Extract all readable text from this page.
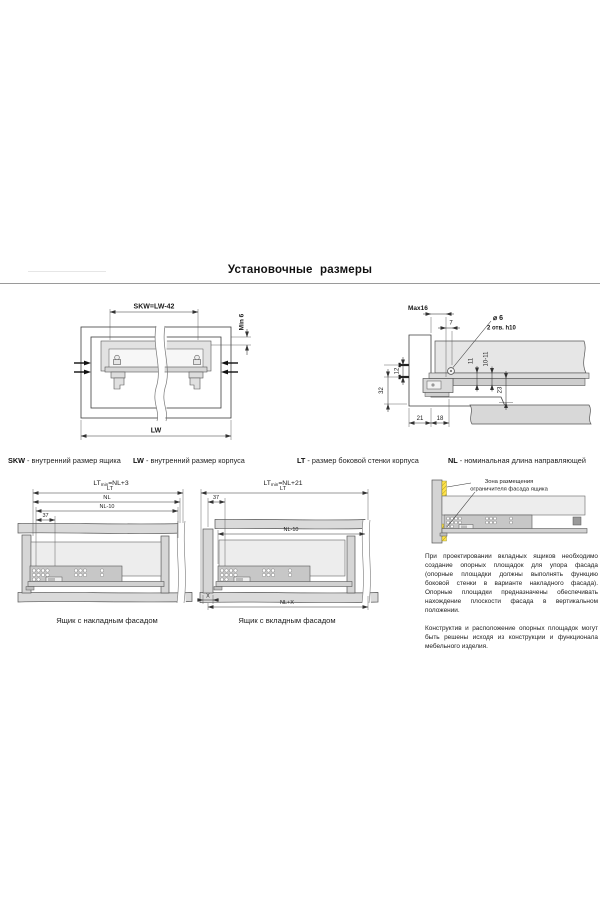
Установочные размеры
SKW=LW-42
Min 6
LW
⌀ 6
2 отв. h10
Max16
7
12
32
11 10-11
23
21 18
SKW - внутренний размер ящика LW - внутренний размер корпуса	LT - размер боковой стенки корпуса	NL - номинальная длина направляющей
LTmin=NL+3
LT
NL
NL-10
37
Ящик с накладным фасадом
LTmin=NL+21
LT
37
NL-10
X
NL+X
Ящик с вкладным фасадом
Зона размещения
ограничителя фасада ящика

При проектировании вкладных ящиков необходимо создание опорных площадок для упора фасада (опорные площадки должны выполнять функцию боковой стенки в варианте накладного фасада). Опорные площадки предназначены обеспечивать нахождение плоскости фасада в вертикальном положении.

Конструктив и расположение опорных площадок могут быть решены исходя из конструкции и функционала мебельного изделия.
